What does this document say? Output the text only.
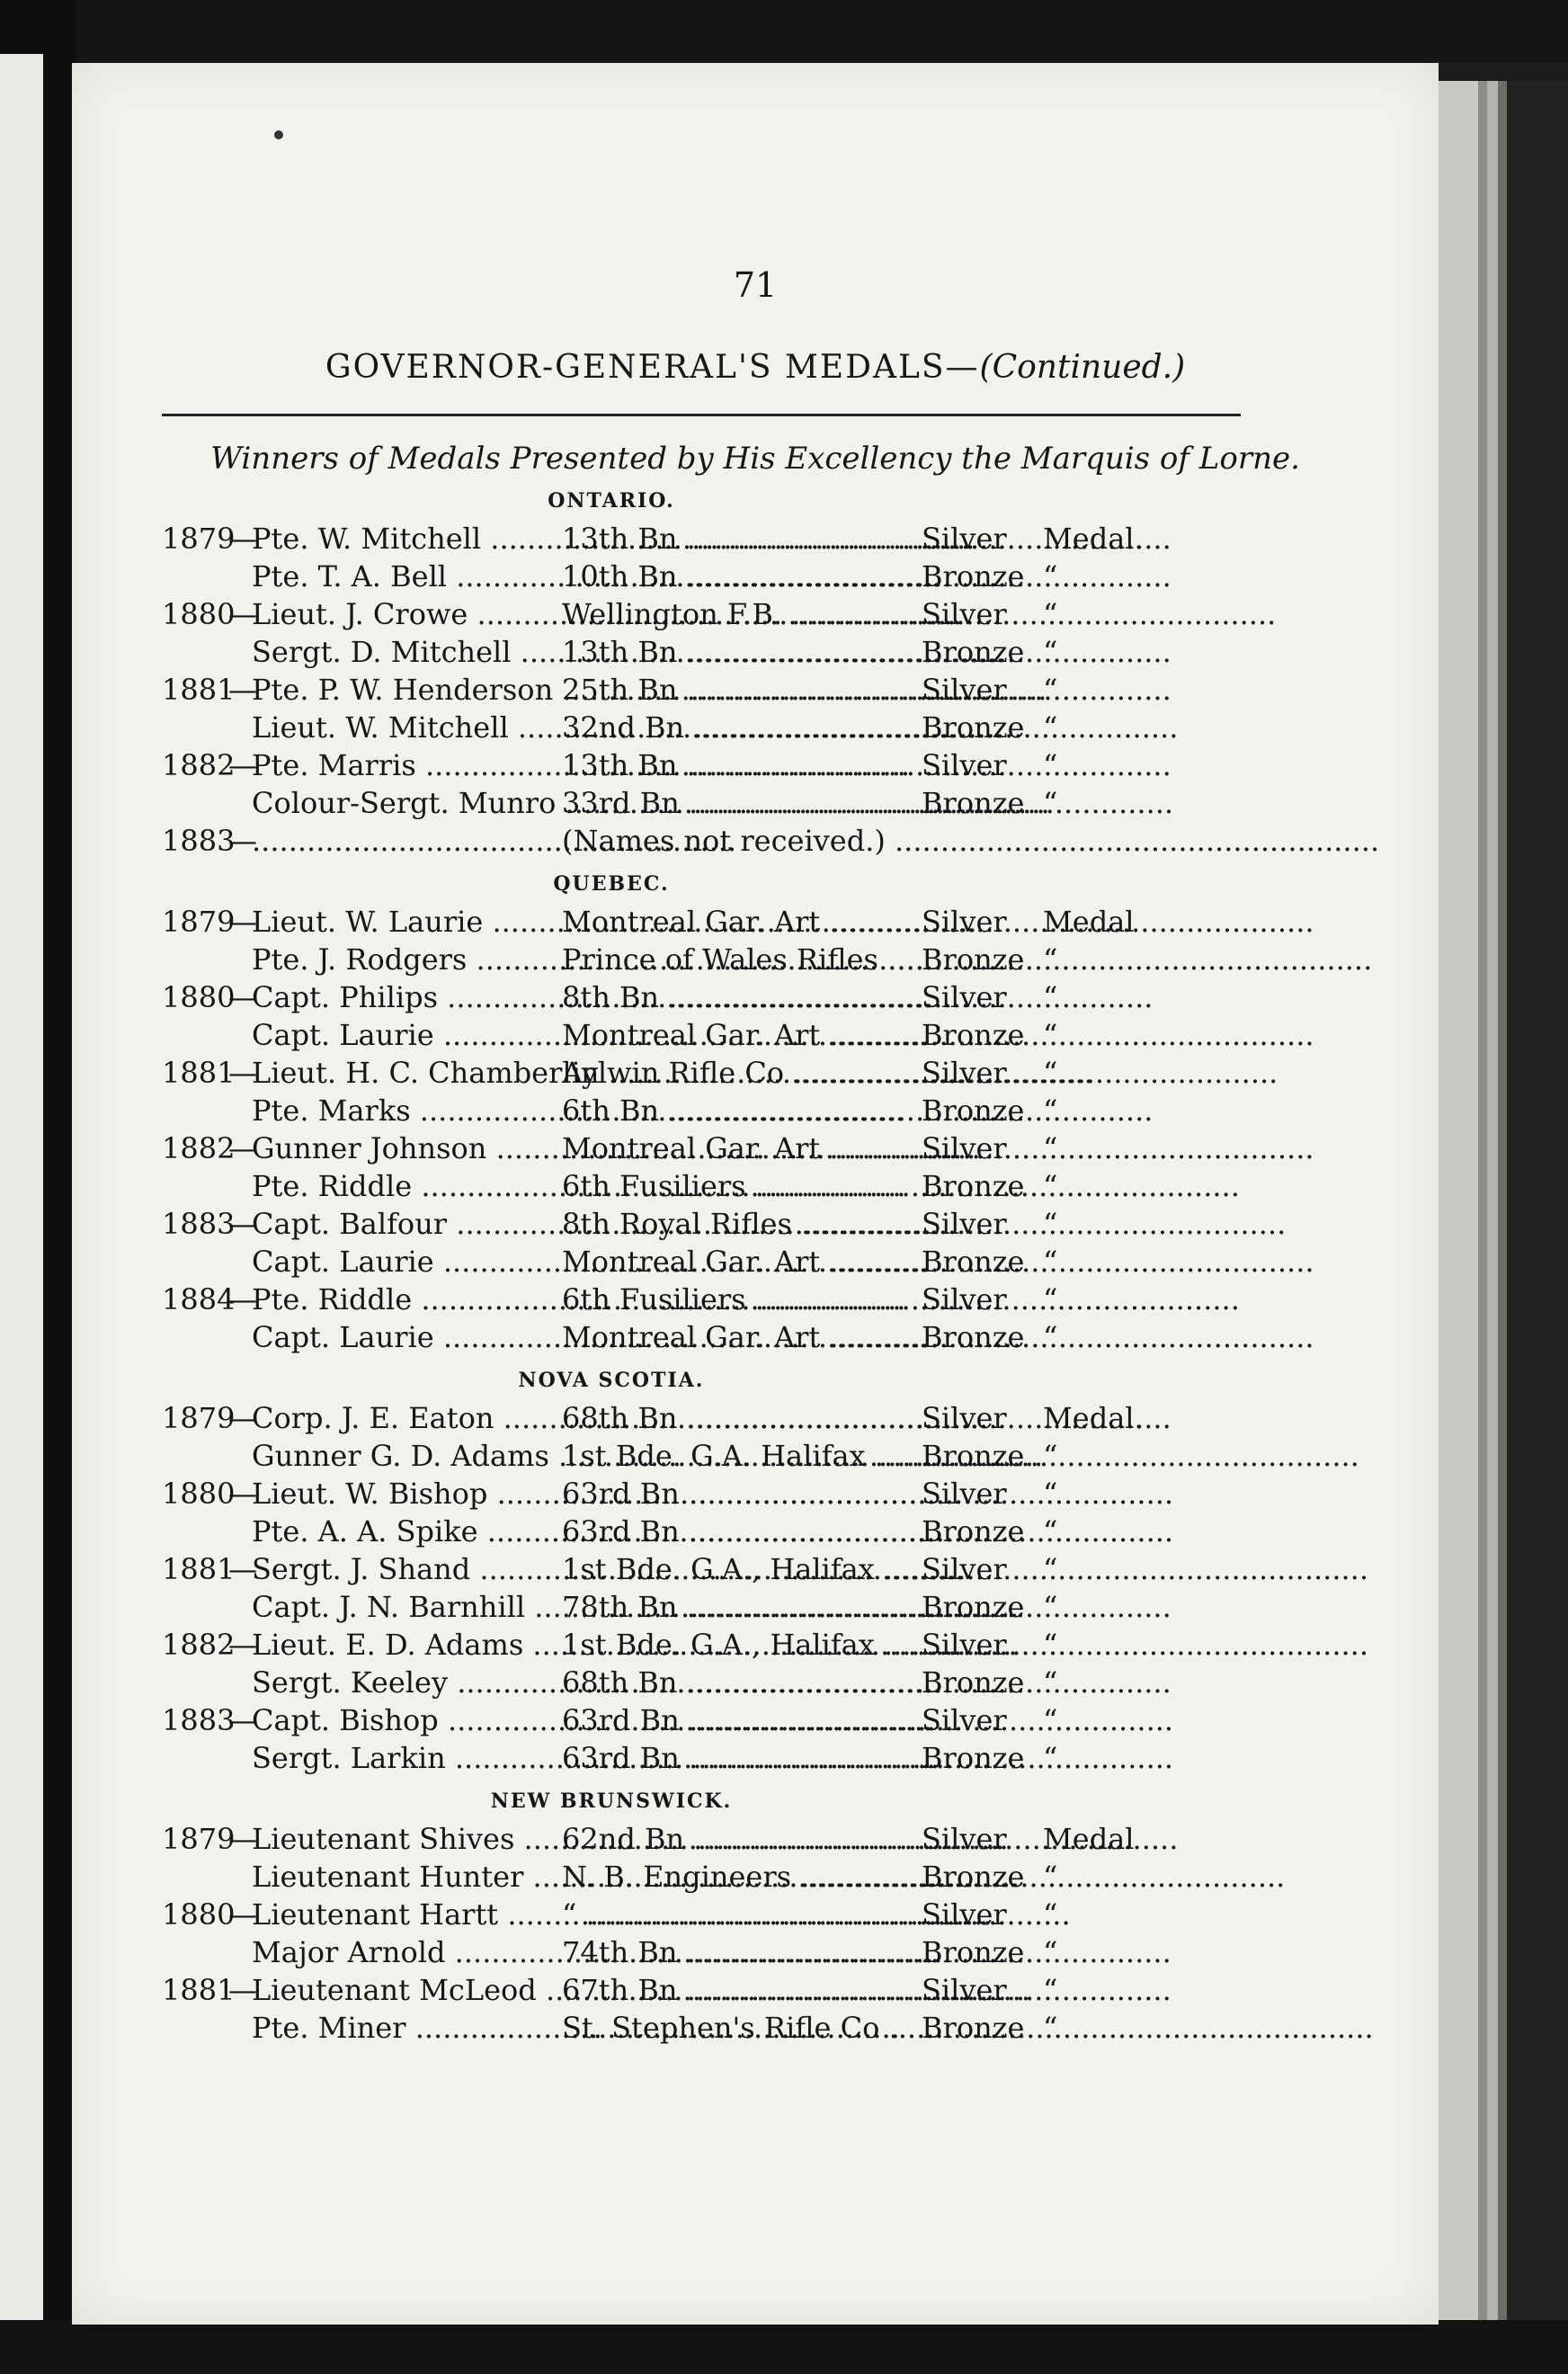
71
GOVERNOR-GENERAL'S MEDALS—(Continued.)
Winners of Medals Presented by His Excellency the Marquis of Lorne.
ONTARIO.
—
1879 Pte. W. Mitchell .....	13th Bn .....	Silver Medal.
Pte. T. A. Bell .....	10th Bn .....	Bronze “
—
1880 Lieut. J. Crowe .....	Wellington F.B. .....	Silver “
Sergt. D. Mitchell .....	13th Bn .....	Bronze “
—
1881 Pte. P. W. Henderson ..... 25th Bn .....	Silver “
Lieut. W. Mitchell .....	32nd Bn .....	Bronze “
—
1882 Pte. Marris .....	13th Bn .....	Silver “
Colour-Sergt. Munro ..... 33rd Bn .....	Bronze “
—
1883
.....	(Names not received.) .....
QUEBEC.
—
1879 Lieut. W. Laurie .....	Montreal Gar. Art .....	Silver Medal
Pte. J. Rodgers .....	Prince of Wales Rifles .....	Bronze “
—
1880 Capt. Philips .....	8th Bn .....	Silver “
Capt. Laurie .....	Montreal Gar. Art .....	Bronze “
—
1881 Lieut. H. C. Chamberlin .....
Aylwin Rifle Co .....	Silver “
Pte. Marks .....	6th Bn .....	Bronze “
—
1882 Gunner Johnson .....	Montreal Gar. Art .....	Silver “
Pte. Riddle .....	6th Fusiliers .....	Bronze “
—
1883 Capt. Balfour .....	8th Royal Rifles .....	Silver “
Capt. Laurie .....	Montreal Gar. Art .....	Bronze “
—
1884 Pte. Riddle .....	6th Fusiliers .....	Silver “
Capt. Laurie .....	Montreal Gar. Art .....	Bronze “
NOVA SCOTIA.
—
1879 Corp. J. E. Eaton .....	68th Bn .....	Silver Medal.
Gunner G. D. Adams ..... 1st Bde. G.A. Halifax .....	Bronze “
—
1880 Lieut. W. Bishop .....	63rd Bn .....	Silver “
Pte. A. A. Spike .....	63rd Bn .....	Bronze “
—
1881 Sergt. J. Shand .....	1st Bde. G.A., Halifax .....	Silver “
Capt. J. N. Barnhill .....	78th Bn .....	Bronze “
—
1882 Lieut. E. D. Adams .....	1st Bde. G.A., Halifax .....	Silver “
Sergt. Keeley .....	68th Bn .....	Bronze “
—
1883 Capt. Bishop .....	63rd Bn .....	Silver “
Sergt. Larkin .....	63rd Bn .....	Bronze “
NEW BRUNSWICK.
—
1879 Lieutenant Shives .....	62nd Bn .....	Silver Medal
Lieutenant Hunter .....	N. B. Engineers .....	Bronze “
—
1880 Lieutenant Hartt .....	“ .....	Silver “
Major Arnold .....	74th Bn .....	Bronze “
—
1881 Lieutenant McLeod ..... 67th Bn .....	Silver “
Pte. Miner .....	St. Stephen's Rifle Co .....	Bronze “
